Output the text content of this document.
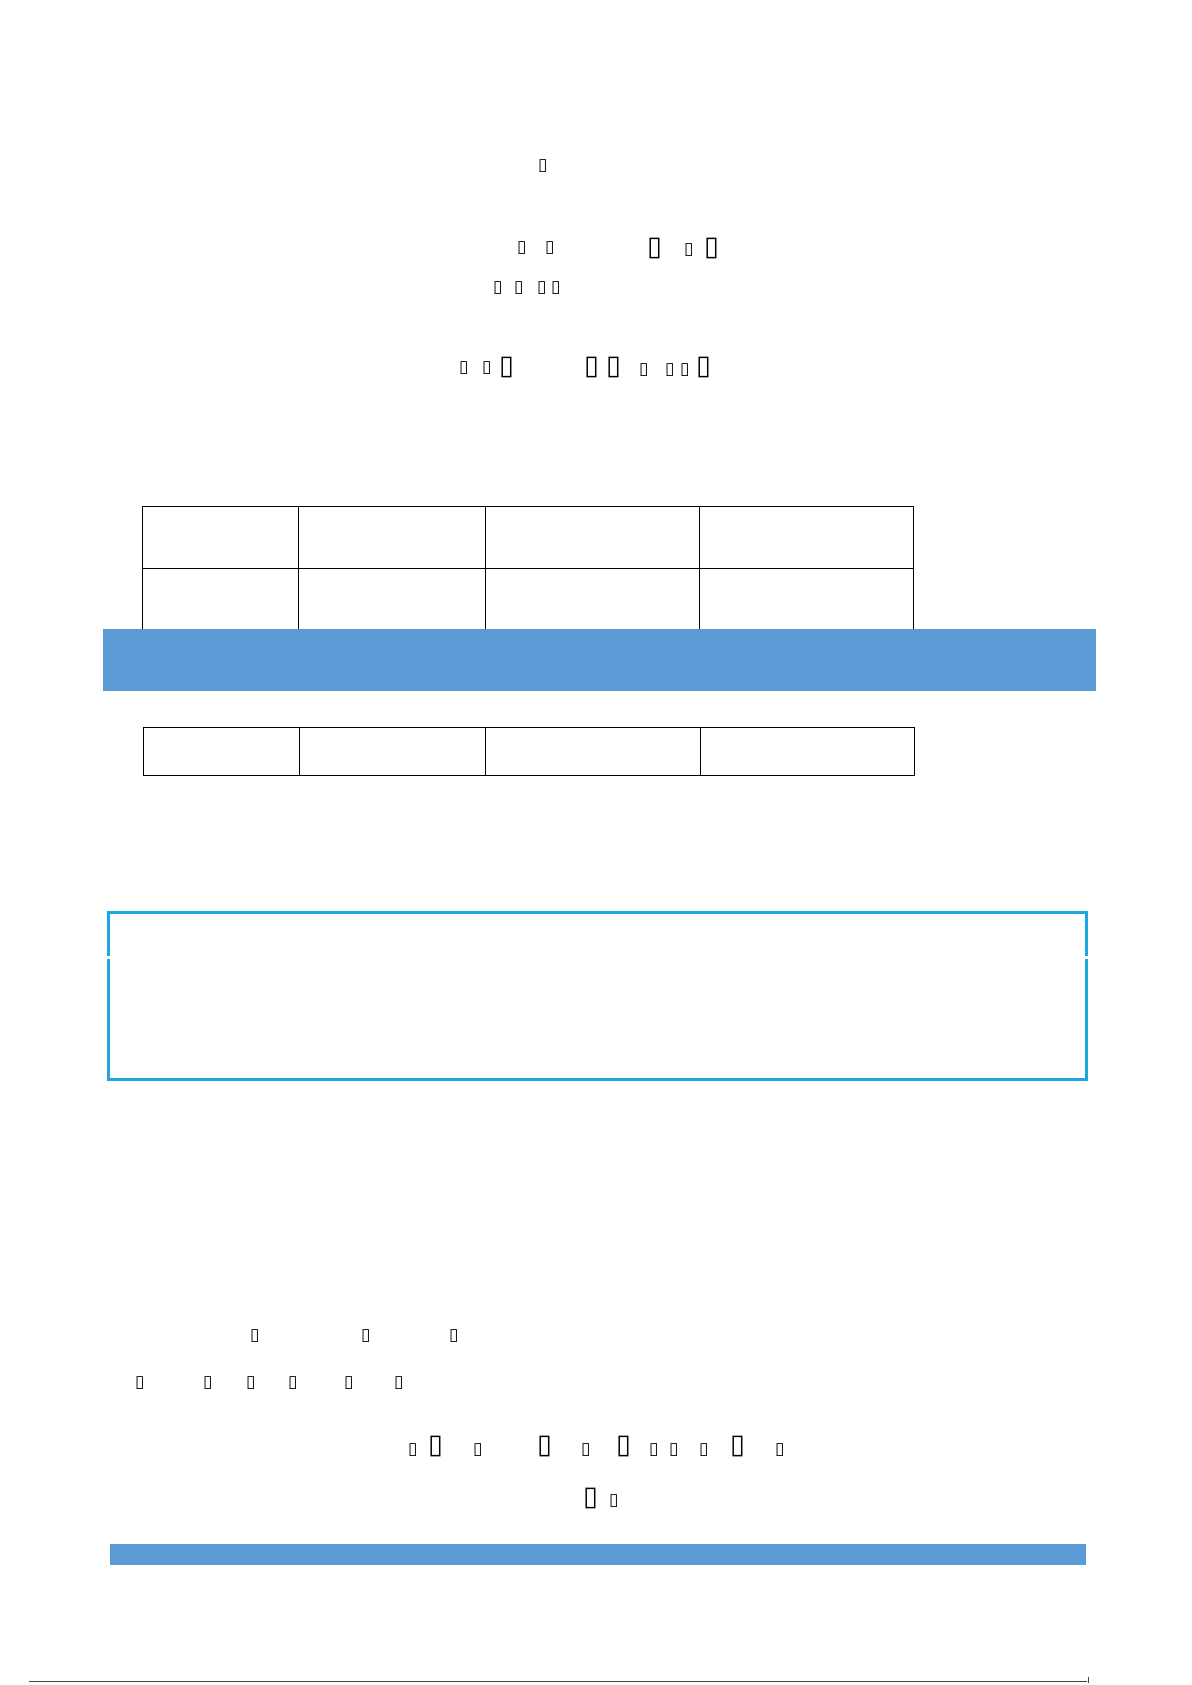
▯
▯ ▯	▯ ▯ ▯
▯ ▯ ▯ ▯
▯ ▯ ▯	▯ ▯ ▯ ▯ ▯ ▯

▯	▯	▯
▯	▯ ▯ ▯	▯ ▯
▯ ▯ ▯ ▯ ▯ ▯ ▯ ▯ ▯ ▯ ▯
▯ ▯
